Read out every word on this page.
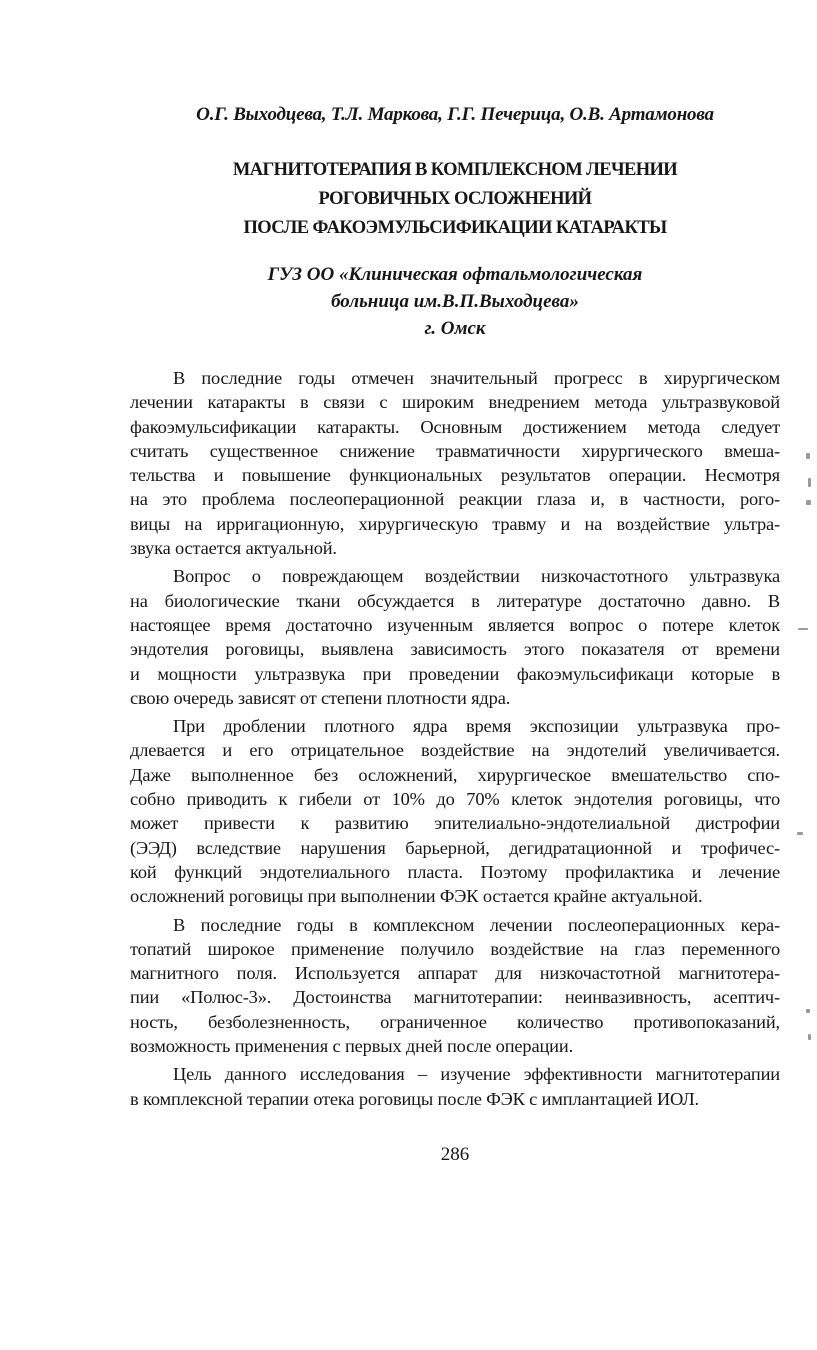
О.Г. Выходцева, Т.Л. Маркова, Г.Г. Печерица, О.В. Артамонова
МАГНИТОТЕРАПИЯ В КОМПЛЕКСНОМ ЛЕЧЕНИИ
РОГОВИЧНЫХ ОСЛОЖНЕНИЙ
ПОСЛЕ ФАКОЭМУЛЬСИФИКАЦИИ КАТАРАКТЫ
ГУЗ ОО «Клиническая офтальмологическая
больница им.В.П.Выходцева»
г. Омск
В последние годы отмечен значительный прогресс в хирургическом
лечении катаракты в связи с широким внедрением метода ультразвуковой
факоэмульсификации катаракты. Основным достижением метода следует
считать существенное снижение травматичности хирургического вмеша-
тельства и повышение функциональных результатов операции. Несмотря
на это проблема послеоперационной реакции глаза и, в частности, рого-
вицы на ирригационную, хирургическую травму и на воздействие ультра-
звука остается актуальной.
Вопрос о повреждающем воздействии низкочастотного ультразвука
на биологические ткани обсуждается в литературе достаточно давно. В
настоящее время достаточно изученным является вопрос о потере клеток
эндотелия роговицы, выявлена зависимость этого показателя от времени
и мощности ультразвука при проведении факоэмульсификаци которые в
свою очередь зависят от степени плотности ядра.
При дроблении плотного ядра время экспозиции ультразвука про-
длевается и его отрицательное воздействие на эндотелий увеличивается.
Даже выполненное без осложнений, хирургическое вмешательство спо-
собно приводить к гибели от 10% до 70% клеток эндотелия роговицы, что
может привести к развитию эпителиально-эндотелиальной дистрофии
(ЭЭД) вследствие нарушения барьерной, дегидратационной и трофичес-
кой функций эндотелиального пласта. Поэтому профилактика и лечение
осложнений роговицы при выполнении ФЭК остается крайне актуальной.
В последние годы в комплексном лечении послеоперационных кера-
топатий широкое применение получило воздействие на глаз переменного
магнитного поля. Используется аппарат для низкочастотной магнитотера-
пии «Полюс-3». Достоинства магнитотерапии: неинвазивность, асептич-
ность, безболезненность, ограниченное количество противопоказаний,
возможность применения с первых дней после операции.
Цель данного исследования – изучение эффективности магнитотерапии
в комплексной терапии отека роговицы после ФЭК с имплантацией ИОЛ.
286
